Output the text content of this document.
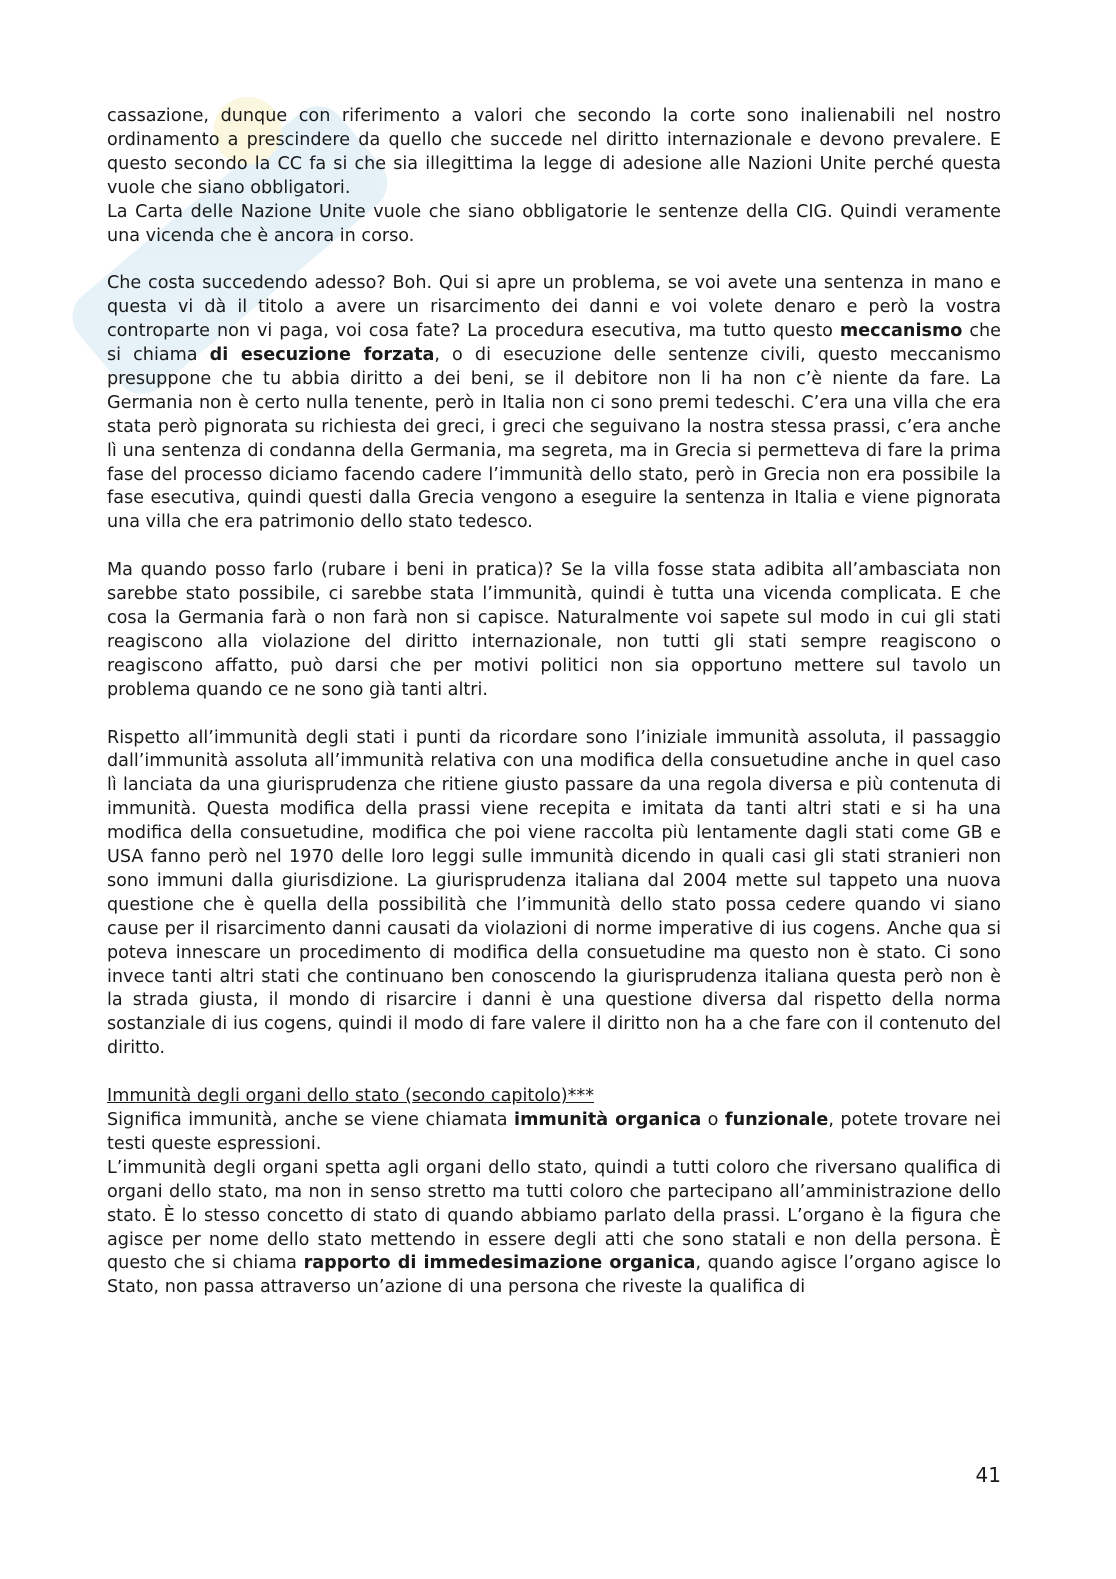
cassazione, dunque con riferimento a valori che secondo la corte sono inalienabili nel nostro ordinamento a prescindere da quello che succede nel diritto internazionale e devono prevalere. E questo secondo la CC fa si che sia illegittima la legge di adesione alle Nazioni Unite perché questa vuole che siano obbligatori.

La Carta delle Nazione Unite vuole che siano obbligatorie le sentenze della CIG. Quindi veramente una vicenda che è ancora in corso.

Che costa succedendo adesso? Boh. Qui si apre un problema, se voi avete una sentenza in mano e questa vi dà il titolo a avere un risarcimento dei danni e voi volete denaro e però la vostra controparte non vi paga, voi cosa fate? La procedura esecutiva, ma tutto questo meccanismo che si chiama di esecuzione forzata, o di esecuzione delle sentenze civili, questo meccanismo presuppone che tu abbia diritto a dei beni, se il debitore non li ha non c’è niente da fare. La Germania non è certo nulla tenente, però in Italia non ci sono premi tedeschi. C’era una villa che era stata però pignorata su richiesta dei greci, i greci che seguivano la nostra stessa prassi, c’era anche lì una sentenza di condanna della Germania, ma segreta, ma in Grecia si permetteva di fare la prima fase del processo diciamo facendo cadere l’immunità dello stato, però in Grecia non era possibile la fase esecutiva, quindi questi dalla Grecia vengono a eseguire la sentenza in Italia e viene pignorata una villa che era patrimonio dello stato tedesco.

Ma quando posso farlo (rubare i beni in pratica)? Se la villa fosse stata adibita all’ambasciata non sarebbe stato possibile, ci sarebbe stata l’immunità, quindi è tutta una vicenda complicata. E che cosa la Germania farà o non farà non si capisce. Naturalmente voi sapete sul modo in cui gli stati reagiscono alla violazione del diritto internazionale, non tutti gli stati sempre reagiscono o reagiscono affatto, può darsi che per motivi politici non sia opportuno mettere sul tavolo un problema quando ce ne sono già tanti altri.

Rispetto all’immunità degli stati i punti da ricordare sono l’iniziale immunità assoluta, il passaggio dall’immunità assoluta all’immunità relativa con una modifica della consuetudine anche in quel caso lì lanciata da una giurisprudenza che ritiene giusto passare da una regola diversa e più contenuta di immunità. Questa modifica della prassi viene recepita e imitata da tanti altri stati e si ha una modifica della consuetudine, modifica che poi viene raccolta più lentamente dagli stati come GB e USA fanno però nel 1970 delle loro leggi sulle immunità dicendo in quali casi gli stati stranieri non sono immuni dalla giurisdizione. La giurisprudenza italiana dal 2004 mette sul tappeto una nuova questione che è quella della possibilità che l’immunità dello stato possa cedere quando vi siano cause per il risarcimento danni causati da violazioni di norme imperative di ius cogens. Anche qua si poteva innescare un procedimento di modifica della consuetudine ma questo non è stato. Ci sono invece tanti altri stati che continuano ben conoscendo la giurisprudenza italiana questa però non è la strada giusta, il mondo di risarcire i danni è una questione diversa dal rispetto della norma sostanziale di ius cogens, quindi il modo di fare valere il diritto non ha a che fare con il contenuto del diritto.

Immunità degli organi dello stato (secondo capitolo)***

Significa immunità, anche se viene chiamata immunità organica o funzionale, potete trovare nei testi queste espressioni.

L’immunità degli organi spetta agli organi dello stato, quindi a tutti coloro che riversano qualifica di organi dello stato, ma non in senso stretto ma tutti coloro che partecipano all’amministrazione dello stato. È lo stesso concetto di stato di quando abbiamo parlato della prassi. L’organo è la figura che agisce per nome dello stato mettendo in essere degli atti che sono statali e non della persona. È questo che si chiama rapporto di immedesimazione organica, quando agisce l’organo agisce lo Stato, non passa attraverso un’azione di una persona che riveste la qualifica di

41
